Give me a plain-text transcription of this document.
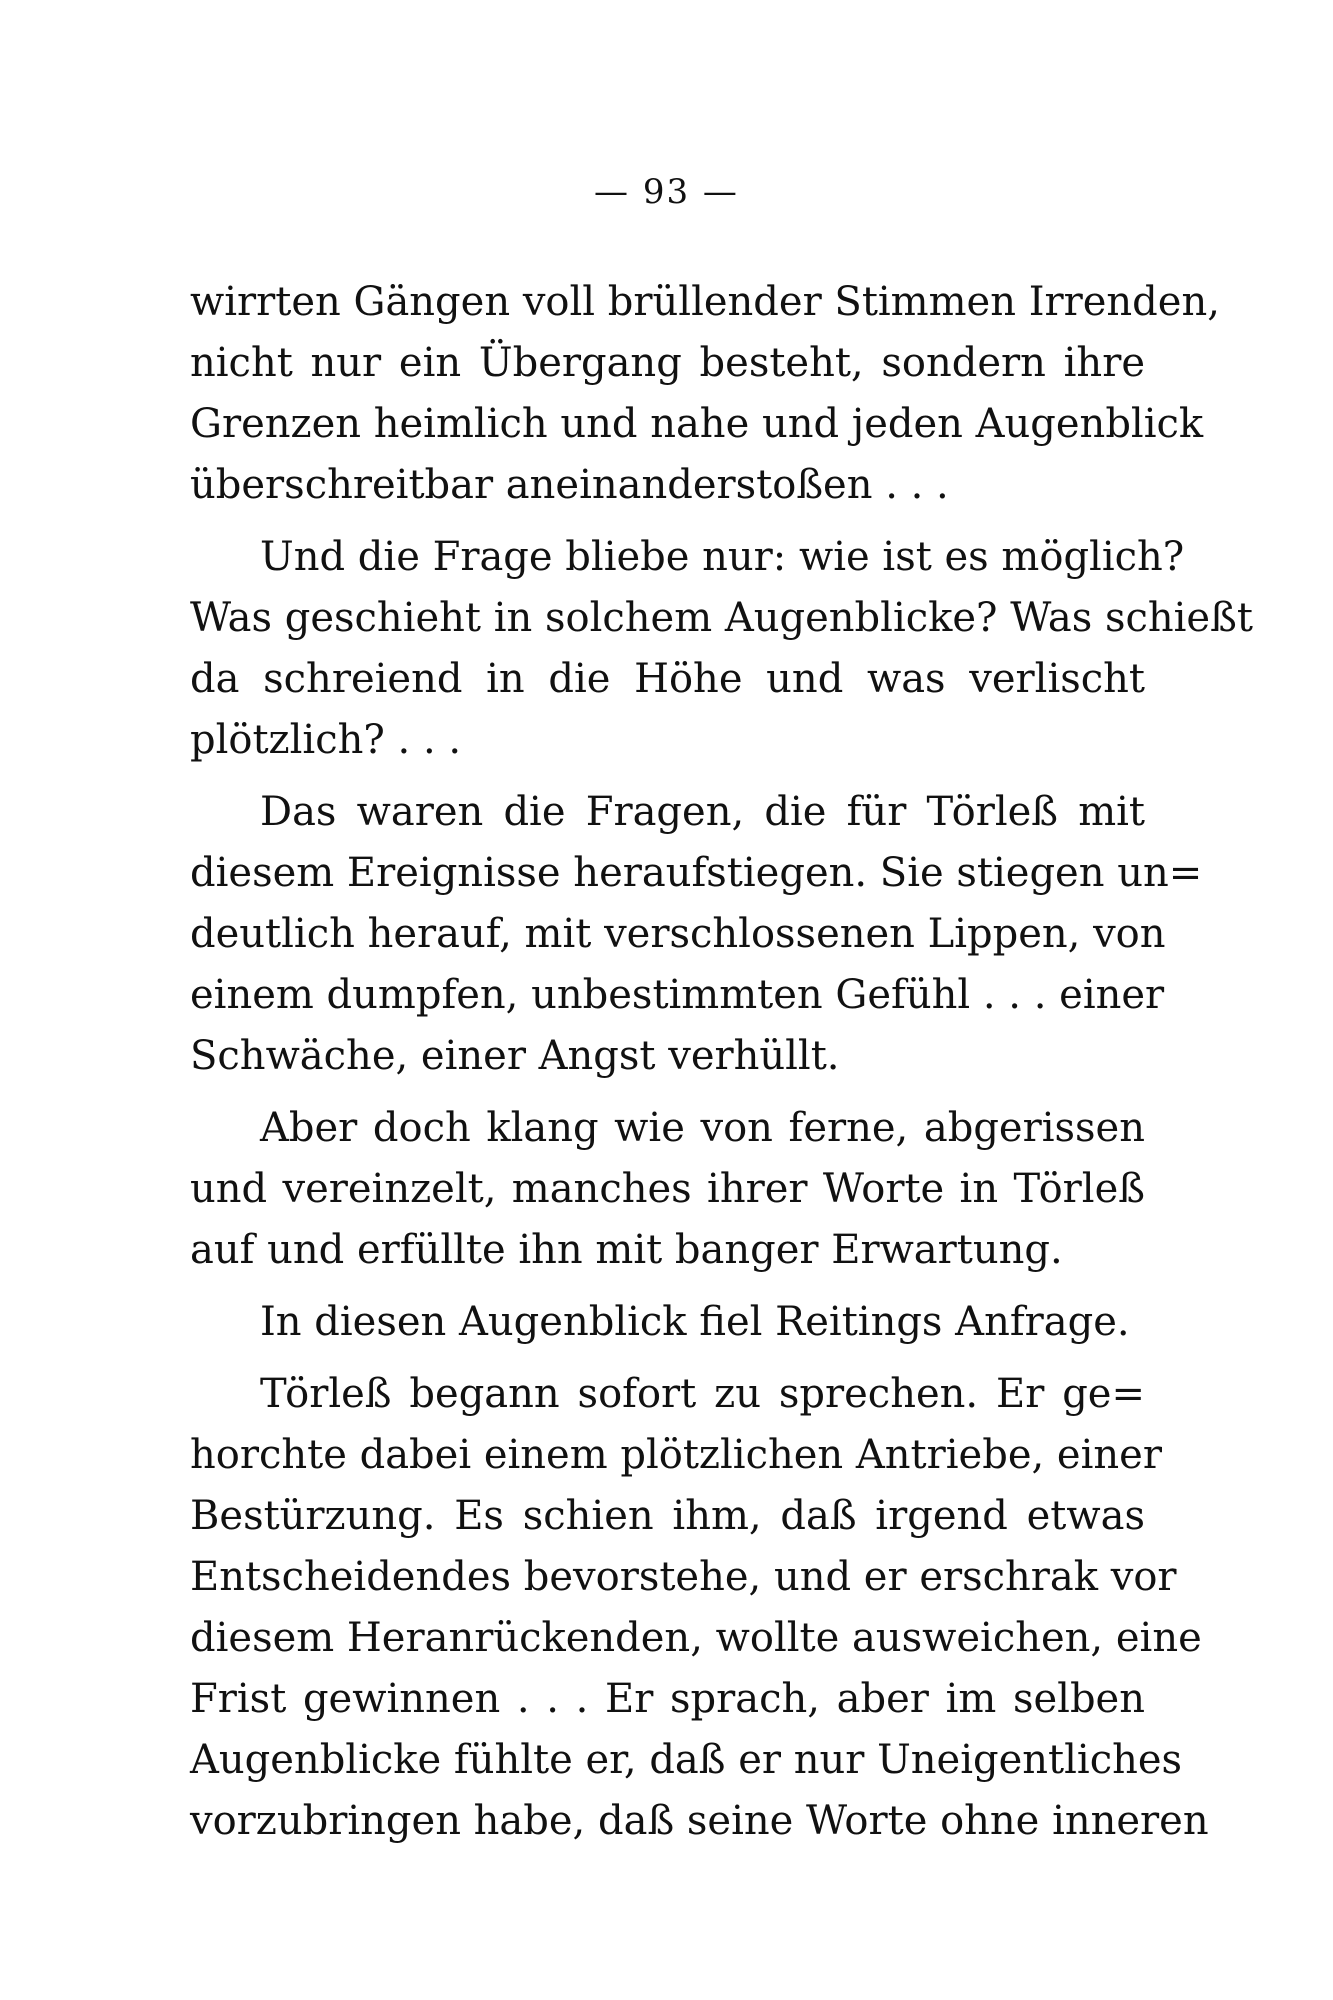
— 93 —
wirrten Gängen voll brüllender Stimmen Irrenden,
nicht nur ein Übergang besteht, sondern ihre
Grenzen heimlich und nahe und jeden Augenblick
überschreitbar aneinanderstoßen . . .
Und die Frage bliebe nur: wie ist es möglich?
Was geschieht in solchem Augenblicke? Was schießt
da schreiend in die Höhe und was verlischt
plötzlich? . . .
Das waren die Fragen, die für Törleß mit
diesem Ereignisse heraufstiegen. Sie stiegen un=
deutlich herauf, mit verschlossenen Lippen, von
einem dumpfen, unbestimmten Gefühl . . . einer
Schwäche, einer Angst verhüllt.
Aber doch klang wie von ferne, abgerissen
und vereinzelt, manches ihrer Worte in Törleß
auf und erfüllte ihn mit banger Erwartung.
In diesen Augenblick fiel Reitings Anfrage.
Törleß begann sofort zu sprechen. Er ge=
horchte dabei einem plötzlichen Antriebe, einer
Bestürzung. Es schien ihm, daß irgend etwas
Entscheidendes bevorstehe, und er erschrak vor
diesem Heranrückenden, wollte ausweichen, eine
Frist gewinnen . . . Er sprach, aber im selben
Augenblicke fühlte er, daß er nur Uneigentliches
vorzubringen habe, daß seine Worte ohne inneren
